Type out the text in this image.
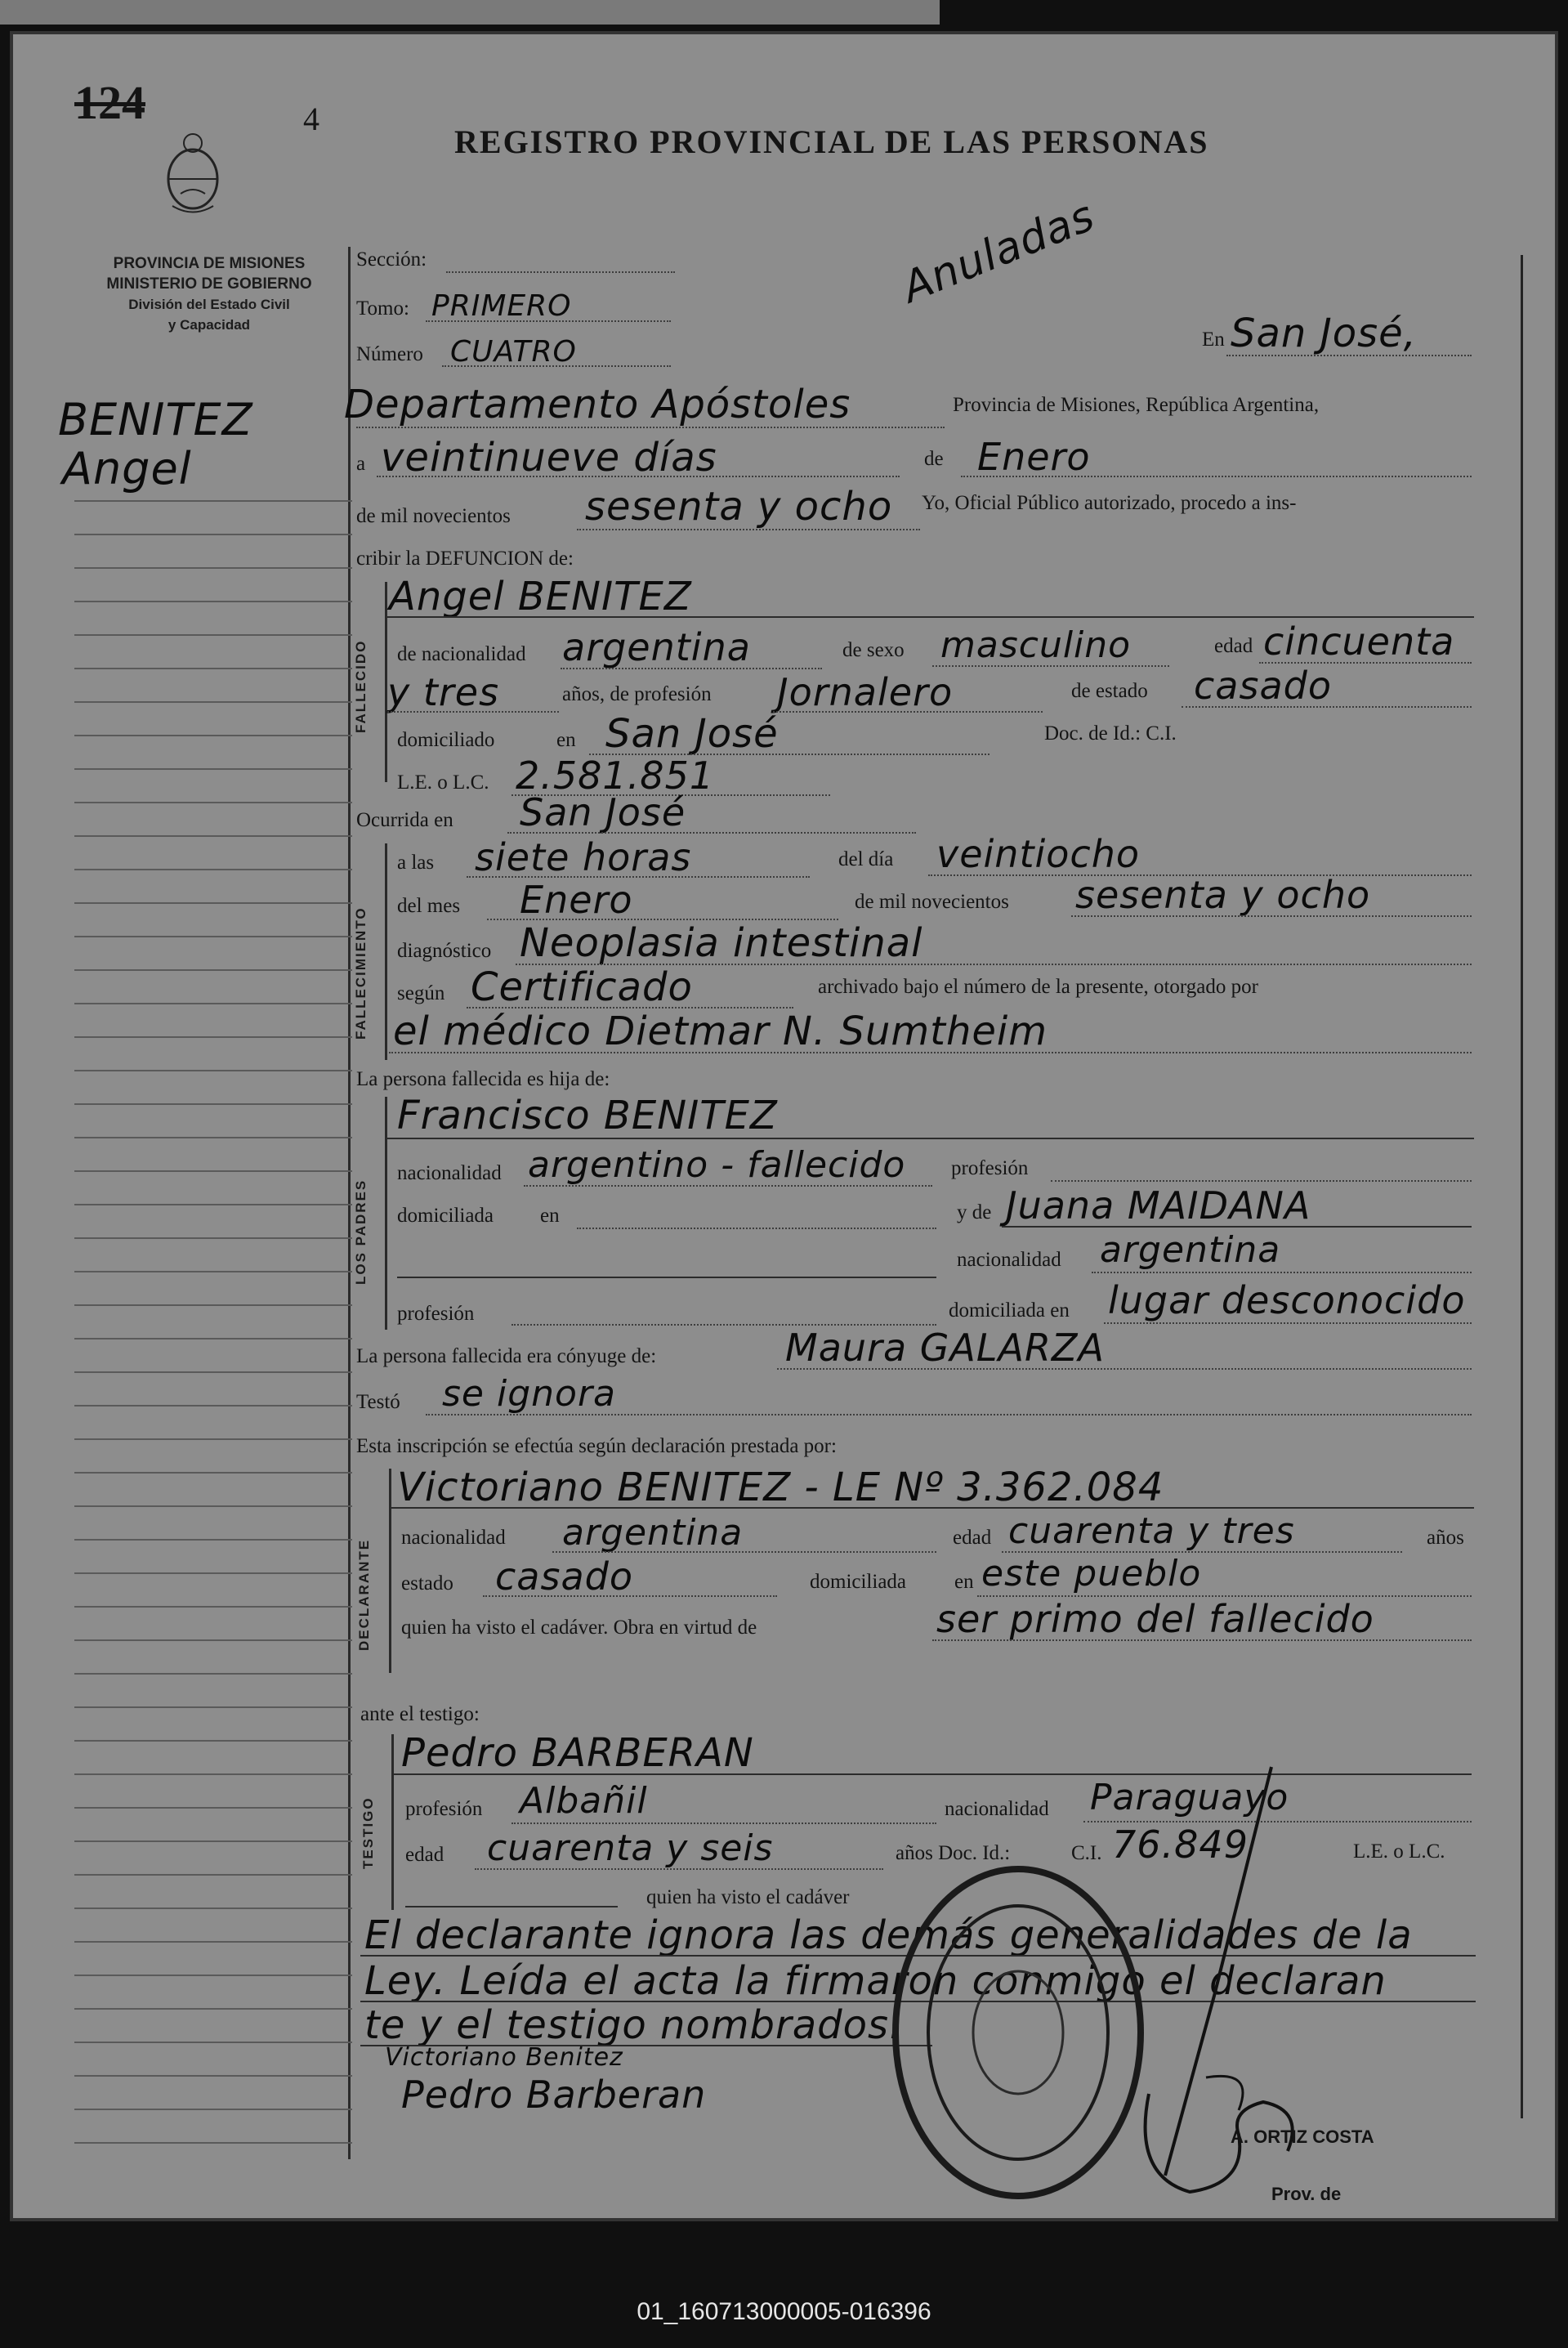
124	4
REGISTRO PROVINCIAL DE LAS PERSONAS
Anuladas
PROVINCIA DE MISIONES
MINISTERIO DE GOBIERNO
División del Estado Civil
y Capacidad
BENITEZ
Angel
Sección:
Tomo: PRIMERO
Número CUATRO	En San José,
Departamento Apóstoles	Provincia de Misiones, República Argentina,
a veintinueve días	de Enero
de mil novecientos sesenta y ocho Yo, Oficial Público autorizado, procedo a ins-
cribir la DEFUNCION de:
FALLECIDO
Angel BENITEZ
de nacionalidad argentina	de sexo masculino	edad cincuenta
y tres	años, de profesión Jornalero	de estado casado
domiciliado	en San José	Doc. de Id.: C.I.
L.E. o L.C. 2.581.851
Ocurrida en San José
FALLECIMIENTO
a las siete horas	del día veintiocho
del mes Enero	de mil novecientos sesenta y ocho
diagnóstico Neoplasia intestinal
según Certificado	archivado bajo el número de la presente, otorgado por
el médico Dietmar N. Sumtheim
La persona fallecida es hija de:
LOS PADRES
Francisco BENITEZ
nacionalidad argentino - fallecido profesión
domiciliada en	y de Juana MAIDANA
nacionalidad argentina
profesión	domiciliada en lugar desconocido
La persona fallecida era cónyuge de:	Maura GALARZA
Testó se ignora
Esta inscripción se efectúa según declaración prestada por:
DECLARANTE
Victoriano BENITEZ - LE Nº 3.362.084
nacionalidad argentina	edad cuarenta y tres	años
estado casado	domiciliada en este pueblo
quien ha visto el cadáver. Obra en virtud de	ser primo del fallecido
ante el testigo:
TESTIGO
Pedro BARBERAN
profesión Albañil	nacionalidad Paraguayo
edad cuarenta y seis	años Doc. Id.:	C.I. 76.849	L.E. o L.C.
quien ha visto el cadáver
El declarante ignora las demás generalidades de la
Ley. Leída el acta la firmaron conmigo el declaran
te y el testigo nombrados.
Victoriano Benitez
Pedro Barberan
A. ORTIZ COSTA
Prov. de
01_160713000005-016396
